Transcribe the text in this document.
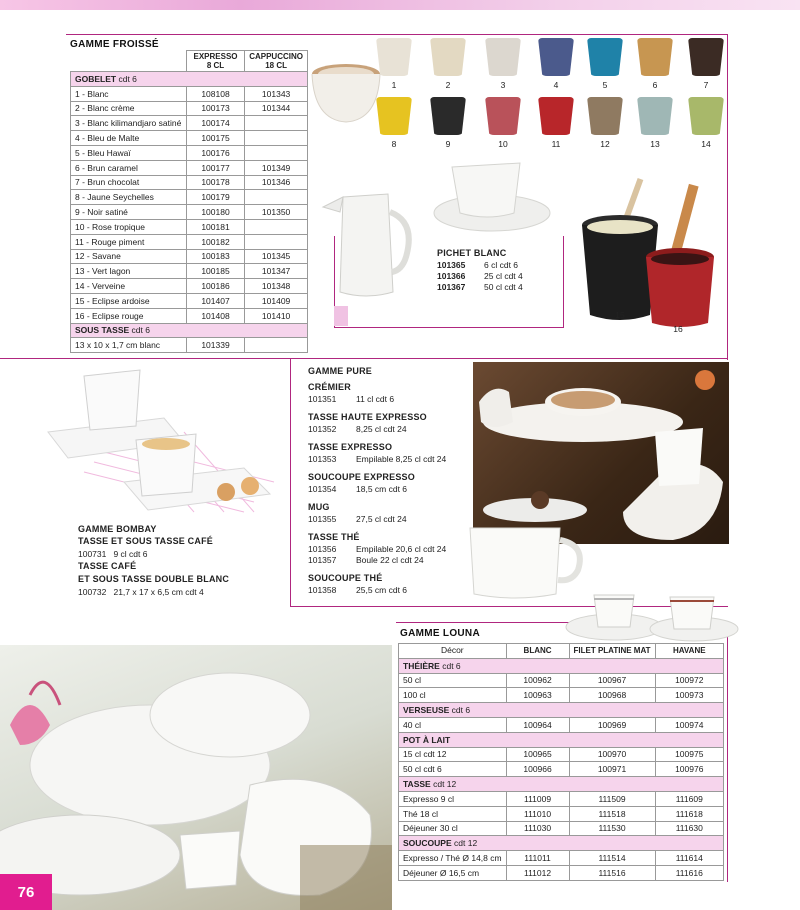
GAMME FROISSÉ
	EXPRESSO
8 CL	CAPPUCCINO
18 CL
GOBELET cdt 6		
1 - Blanc	108108	101343
2 - Blanc crème	100173	101344
3 - Blanc kilimandjaro satiné	100174	
4 - Bleu de Malte	100175	
5 - Bleu Hawaï	100176	
6 - Brun caramel	100177	101349
7 - Brun chocolat	100178	101346
8 - Jaune Seychelles	100179	
9 - Noir satiné	100180	101350
10 - Rose tropique	100181	
11 - Rouge piment	100182	
12 - Savane	100183	101345
13 - Vert lagon	100185	101347
14 - Verveine	100186	101348
15 - Eclipse ardoise	101407	101409
16 - Eclipse rouge	101408	101410
SOUS TASSE cdt 6		
13 x 10 x 1,7 cm blanc	101339	
1	2	3	4	5	6	7
8	9	10	11	12	13	14
PICHET BLANC
101365 6 cl cdt 6
101366 25 cl cdt 4
101367 50 cl cdt 4
15
16
GAMME BOMBAY
TASSE ET SOUS TASSE CAFÉ
100731 9 cl cdt 6
TASSE CAFÉ
ET SOUS TASSE DOUBLE BLANC
100732 21,7 x 17 x 6,5 cm cdt 4
GAMME PURE
CRÉMIER
101351 11 cl cdt 6
TASSE HAUTE EXPRESSO
101352 8,25 cl cdt 24
TASSE EXPRESSO
101353 Empilable 8,25 cl cdt 24
SOUCOUPE EXPRESSO
101354 18,5 cm cdt 6
MUG
101355 27,5 cl cdt 24
TASSE THÉ
101356 Empilable 20,6 cl cdt 24
101357 Boule 22 cl cdt 24
SOUCOUPE THÉ
101358 25,5 cm cdt 6
GAMME LOUNA
Décor	BLANC	FILET PLATINE MAT	HAVANE
THÉIÈRE cdt 6			
50 cl	100962	100967	100972
100 cl	100963	100968	100973
VERSEUSE cdt 6			
40 cl	100964	100969	100974
POT À LAIT			
15 cl cdt 12	100965	100970	100975
50 cl cdt 6	100966	100971	100976
TASSE cdt 12			
Expresso 9 cl	111009	111509	111609
Thé 18 cl	111010	111518	111618
Déjeuner 30 cl	111030	111530	111630
SOUCOUPE cdt 12			
Expresso / Thé Ø 14,8 cm	111011	111514	111614
Déjeuner Ø 16,5 cm	111012	111516	111616
76
